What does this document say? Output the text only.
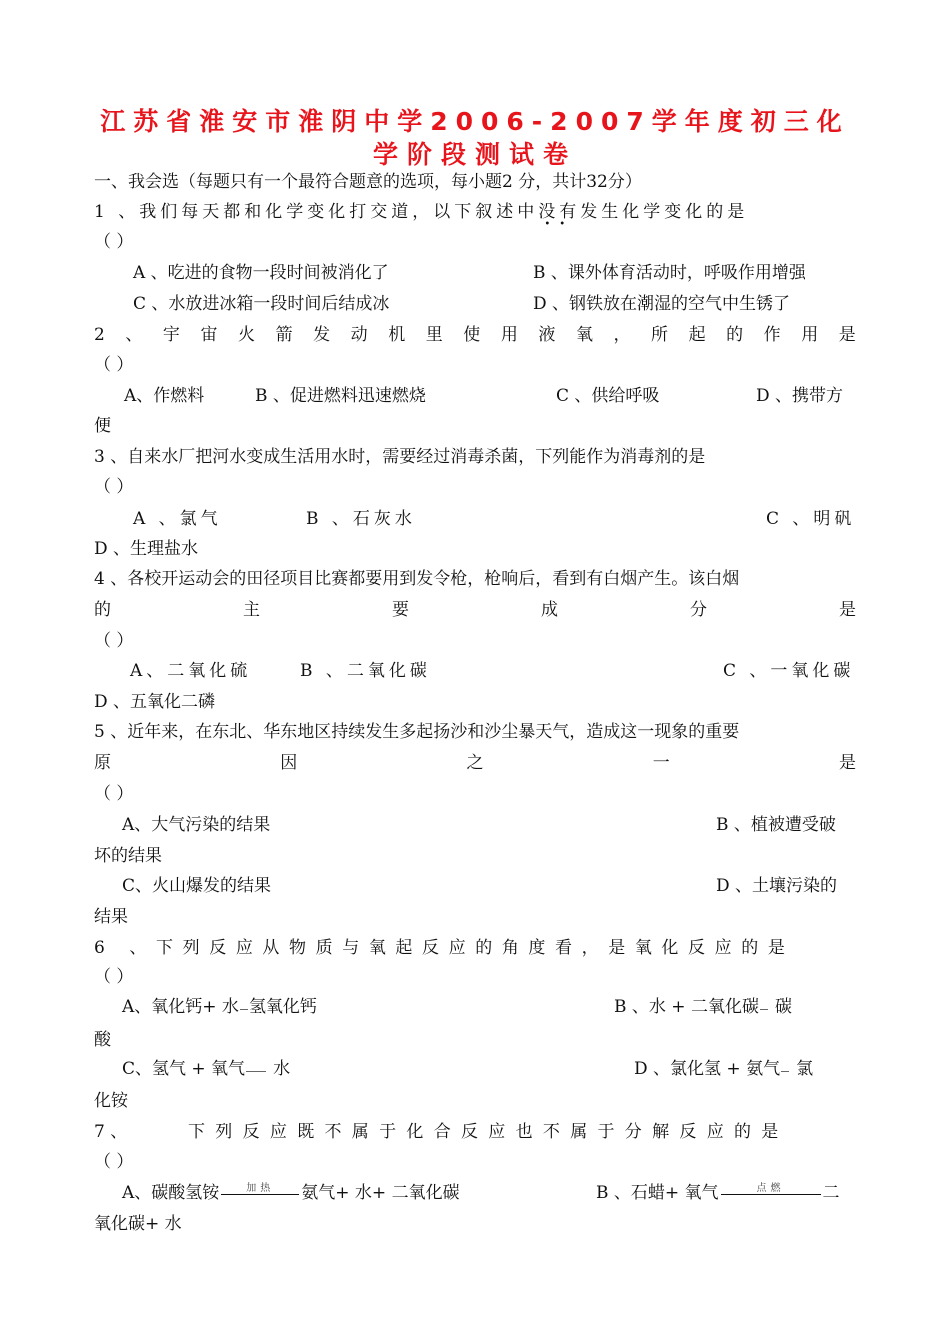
江苏省淮安市淮阴中学2006-2007学年度初三化
学阶段测试卷
一、我会选（每题只有一个最符合题意的选项，每小题2 分，共计32分）
1 、我们每天都和化学变化打交道，以下叙述中没有
••
发生化学变化的是
（ ）
A 、吃进的食物一段时间被消化了	B 、课外体育活动时，呼吸作用增强
C 、水放进冰箱一段时间后结成冰	D 、钢铁放在潮湿的空气中生锈了
2 、 宇 宙 火 箭 发 动 机 里 使 用 液 氧 ， 所 起 的 作 用 是
（ ）
A、作燃料	B 、促进燃料迅速燃烧	C 、供给呼吸	D 、携带方
便
3 、自来水厂把河水变成生活用水时，需要经过消毒杀菌，下列能作为消毒剂的是
（ ）
A 、氯气	B 、石灰水	C 、明矾
D 、生理盐水
4 、各校开运动会的田径项目比赛都要用到发令枪，枪响后，看到有白烟产生。该白烟
的	主	要	成	分	是
（ ）
A、二氧化硫	B 、二氧化碳	C 、一氧化碳
D 、五氧化二磷
5 、近年来，在东北、华东地区持续发生多起扬沙和沙尘暴天气，造成这一现象的重要
原	因	之	一	是
（ ）
A、大气污染的结果	B 、植被遭受破
坏的结果
C、火山爆发的结果	D 、土壤污染的
结果
6 、下列反应从物质与氧起反应的角度看，是氧化反应的是
（ ）
A、氧化钙+ 水 氢氧化钙	B 、水 + 二氧化碳 碳
酸
C、氢气 + 氧气 水	D 、氯化氢 + 氨气 氯
化铵
7 、	下列反应既不属于化合反应也不属于分解反应的是
（ ）
A、碳酸氢铵	加热	氨气+ 水+ 二氧化碳	B 、石蜡+ 氧气	点燃	二
氧化碳+ 水
